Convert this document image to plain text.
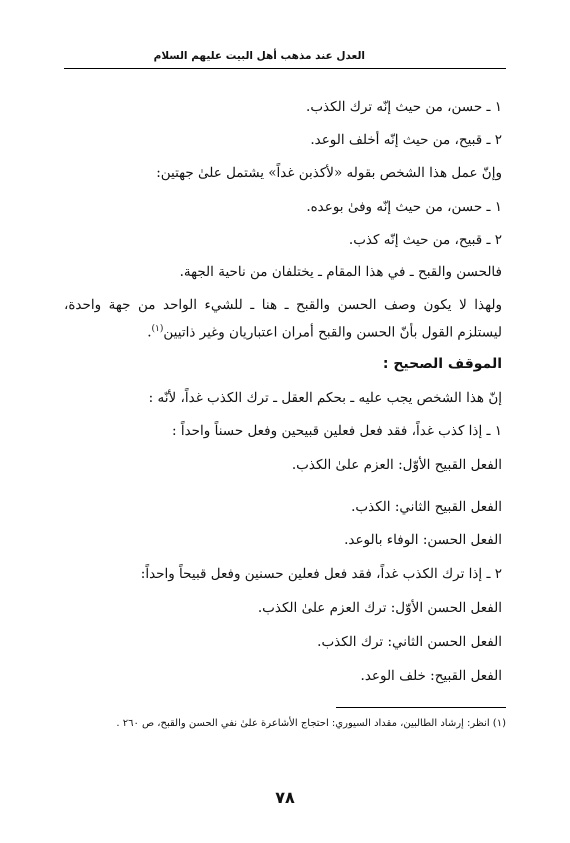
العدل عند مذهب أهل البيت عليهم السلام
١ ـ حسن، من حيث إنّه ترك الكذب.
٢ ـ قبيح، من حيث إنّه أخلف الوعد.
وإنّ عمل هذا الشخص بقوله «لأكذبن غداً» يشتمل علىٰ جهتين:
١ ـ حسن، من حيث إنّه وفىٰ بوعده.
٢ ـ قبيح، من حيث إنّه كذب.
فالحسن والقبح ـ في هذا المقام ـ يختلفان من ناحية الجهة.
ولهذا لا يكون وصف الحسن والقبح ـ هنا ـ للشيء الواحد من جهة واحدة،
ليستلزم القول بأنّ الحسن والقبح أمران اعتباريان وغير ذاتيين$^{(١)}$.
الموقف الصحيح :
إنّ هذا الشخص يجب عليه ـ بحكم العقل ـ ترك الكذب غداً، لأنّه :
١ ـ إذا كذب غداً، فقد فعل فعلين قبيحين وفعل حسناً واحداً :
الفعل القبيح الأوّل: العزم علىٰ الكذب.
الفعل القبيح الثاني: الكذب.
الفعل الحسن: الوفاء بالوعد.
٢ ـ إذا ترك الكذب غداً، فقد فعل فعلين حسنين وفعل قبيحاً واحداً:
الفعل الحسن الأوّل: ترك العزم علىٰ الكذب.
الفعل الحسن الثاني: ترك الكذب.
الفعل القبيح: خلف الوعد.
(١) انظر: إرشاد الطالبين، مقداد السيوري: احتجاج الأشاعرة علىٰ نفي الحسن والقبح، ص ٢٦٠ .
٧٨
